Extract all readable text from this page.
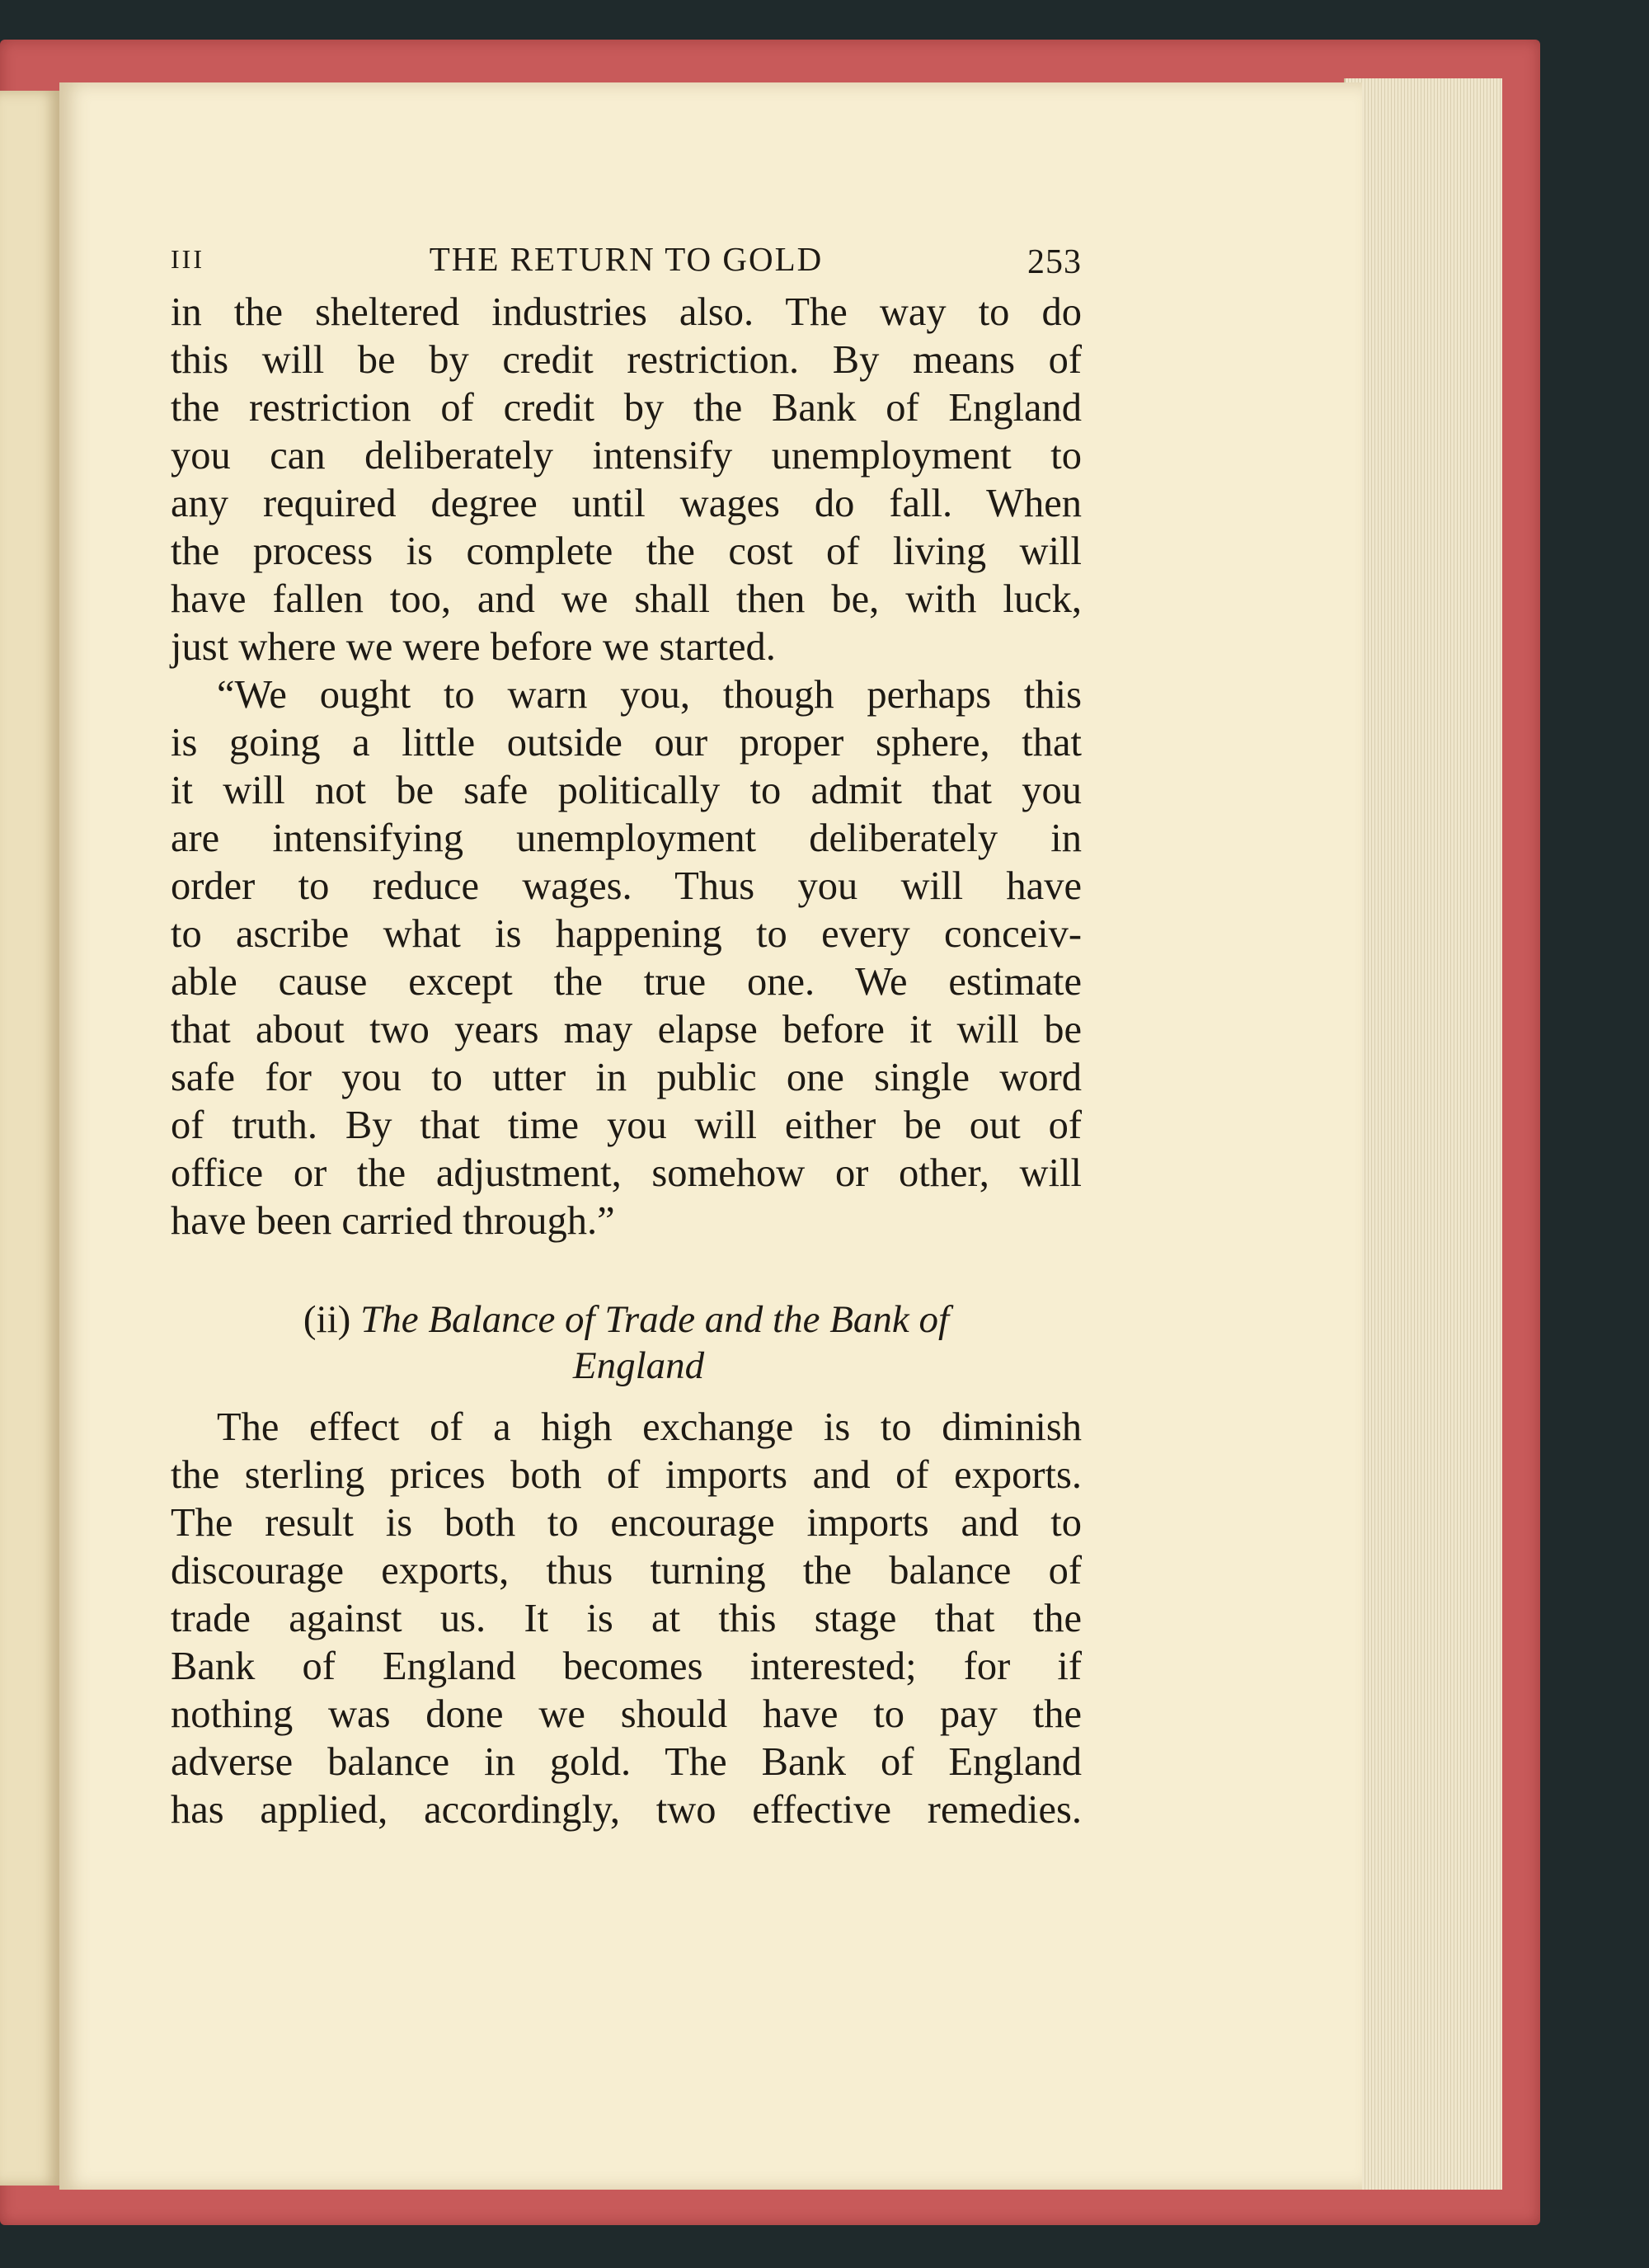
III	THE RETURN TO GOLD	253
in the sheltered industries also. The way to do
this will be by credit restriction. By means of
the restriction of credit by the Bank of England
you can deliberately intensify unemployment to
any required degree until wages do fall. When
the process is complete the cost of living will
have fallen too, and we shall then be, with luck,
just where we were before we started.
“We ought to warn you, though perhaps this
is going a little outside our proper sphere, that
it will not be safe politically to admit that you
are intensifying unemployment deliberately in
order to reduce wages. Thus you will have
to ascribe what is happening to every conceiv-
able cause except the true one. We estimate
that about two years may elapse before it will be
safe for you to utter in public one single word
of truth. By that time you will either be out of
office or the adjustment, somehow or other, will
have been carried through.”
(ii) The Balance of Trade and the Bank of
England
The effect of a high exchange is to diminish
the sterling prices both of imports and of exports.
The result is both to encourage imports and to
discourage exports, thus turning the balance of
trade against us. It is at this stage that the
Bank of England becomes interested; for if
nothing was done we should have to pay the
adverse balance in gold. The Bank of England
has applied, accordingly, two effective remedies.
